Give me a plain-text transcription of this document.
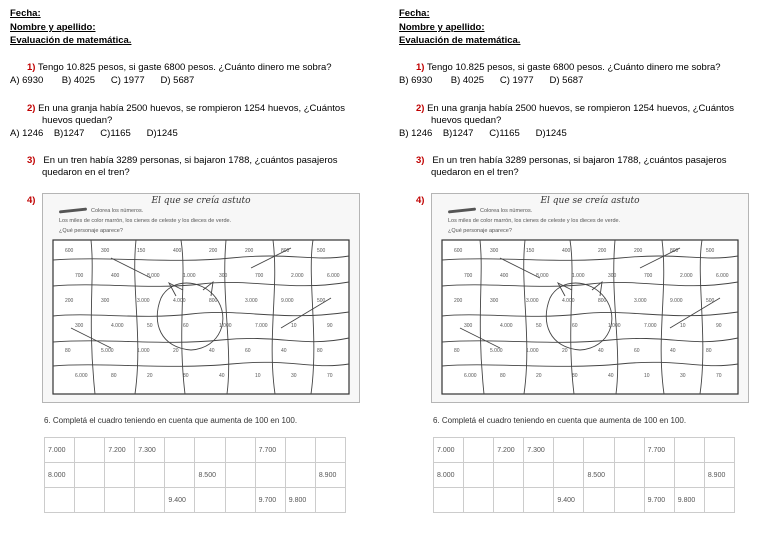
Fecha:
Nombre y apellido:
Evaluación de matemática.
1) Tengo 10.825 pesos, si gaste 6800 pesos. ¿Cuánto dinero me sobra?
A) 6930       B) 4025      C) 1977      D) 5687
2) En una granja había 2500 huevos, se rompieron 1254 huevos, ¿Cuántos
huevos quedan?
A) 1246    B)1247      C)1165      D)1245
3) En un tren había 3289 personas, si bajaron 1788, ¿cuántos pasajeros
quedaron en el tren?
4)	El que se creía astuto
Colorea los números.
Los miles de color marrón, los cienes de celeste y los dieces de verde.
¿Qué personaje aparece?
600	300	150	400	200	200	800	500
700	400	8.000	1.000	300	700	2.000	6.000
200	300	3.000	4.000	800	3.000	9.000	500
300	4.000	50	60	1.000	7.000	10	90
80	5.000	1.000	20	40	60	40	80
6.000	80	20	80	40	10	30	70
6. Completá el cuadro teniendo en cuenta que aumenta de 100 en 100.
7.000		7.200	7.300				7.700		
8.000					8.500				8.900
				9.400			9.700	9.800	
Fecha:
Nombre y apellido:
Evaluación de matemática.
1) Tengo 10.825 pesos, si gaste 6800 pesos. ¿Cuánto dinero me sobra?
B) 6930       B) 4025      C) 1977      D) 5687
2) En una granja había 2500 huevos, se rompieron 1254 huevos, ¿Cuántos
huevos quedan?
B) 1246    B)1247      C)1165      D)1245
3) En un tren había 3289 personas, si bajaron 1788, ¿cuántos pasajeros
quedaron en el tren?
4)	El que se creía astuto
Colorea los números.
Los miles de color marrón, los cienes de celeste y los dieces de verde.
¿Qué personaje aparece?
600	300	150	400	200	200	800	500
700	400	8.000	1.000	300	700	2.000	6.000
200	300	3.000	4.000	800	3.000	9.000	500
300	4.000	50	60	1.000	7.000	10	90
80	5.000	1.000	20	40	60	40	80
6.000	80	20	80	40	10	30	70
6. Completá el cuadro teniendo en cuenta que aumenta de 100 en 100.
7.000		7.200	7.300				7.700		
8.000					8.500				8.900
				9.400			9.700	9.800	
